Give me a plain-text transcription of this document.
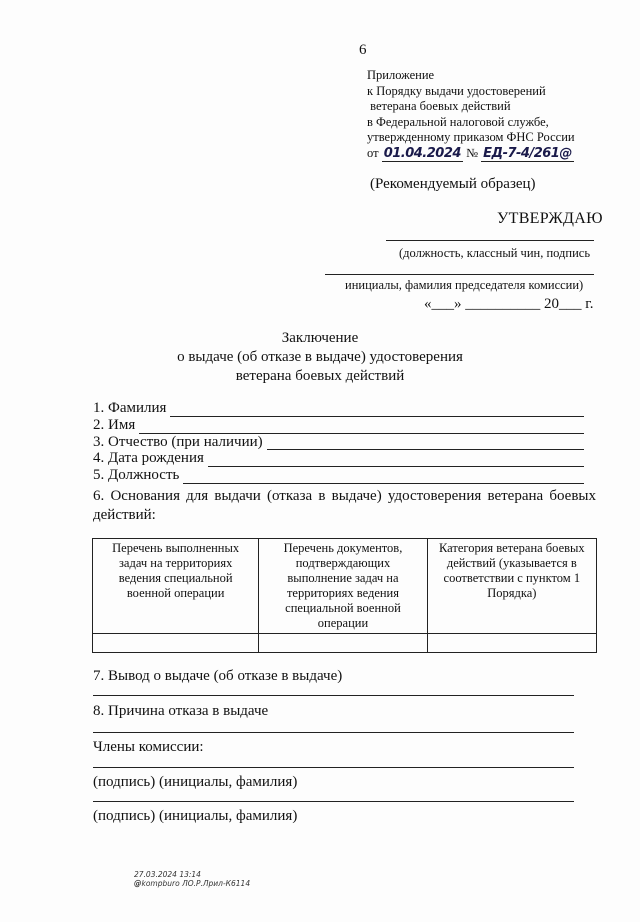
6
Приложение
к Порядку выдачи удостоверений
ветерана боевых действий
в Федеральной налоговой службе,
утвержденному приказом ФНС России
от 01.04.2024 № ЕД-7-4/261@
(Рекомендуемый образец)
УТВЕРЖДАЮ
(должность, классный чин, подпись
инициалы, фамилия председателя комиссии)
«___» __________ 20___ г.
Заключение
о выдаче (об отказе в выдаче) удостоверения
ветерана боевых действий
1. Фамилия
2. Имя
3. Отчество (при наличии)
4. Дата рождения
5. Должность
6. Основания для выдачи (отказа в выдаче) удостоверения ветерана боевых действий:
Перечень выполненных задач на территориях ведения специальной военной операции	Перечень документов, подтверждающих выполнение задач на территориях ведения специальной военной операции	Категория ветерана боевых действий (указывается в соответствии с пунктом 1 Порядка)

7. Вывод о выдаче (об отказе в выдаче)
8. Причина отказа в выдаче
Члены комиссии:
(подпись) (инициалы, фамилия)
(подпись) (инициалы, фамилия)
27.03.2024 13:14
@kompburo ЛО.Р.Лрил-К6114
